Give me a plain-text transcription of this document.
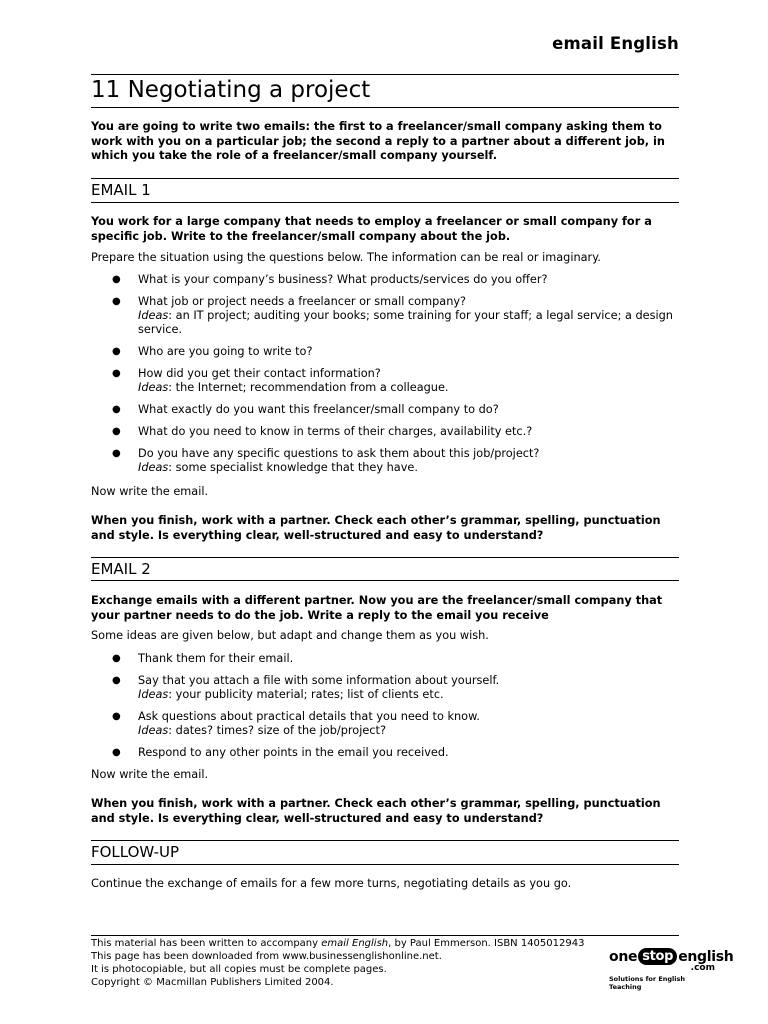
email English
11 Negotiating a project
You are going to write two emails: the first to a freelancer/small company asking them to work with you on a particular job; the second a reply to a partner about a different job, in which you take the role of a freelancer/small company yourself.
EMAIL 1
You work for a large company that needs to employ a freelancer or small company for a specific job. Write to the freelancer/small company about the job.
Prepare the situation using the questions below. The information can be real or imaginary.
● What is your company’s business? What products/services do you offer?
● What job or project needs a freelancer or small company?
Ideas: an IT project; auditing your books; some training for your staff; a legal service; a design service.
● Who are you going to write to?
● How did you get their contact information?
Ideas: the Internet; recommendation from a colleague.
● What exactly do you want this freelancer/small company to do?
● What do you need to know in terms of their charges, availability etc.?
● Do you have any specific questions to ask them about this job/project?
Ideas: some specialist knowledge that they have.
Now write the email.
When you finish, work with a partner. Check each other’s grammar, spelling, punctuation and style. Is everything clear, well-structured and easy to understand?
EMAIL 2
Exchange emails with a different partner. Now you are the freelancer/small company that your partner needs to do the job. Write a reply to the email you receive
Some ideas are given below, but adapt and change them as you wish.
● Thank them for their email.
● Say that you attach a file with some information about yourself.
Ideas: your publicity material; rates; list of clients etc.
● Ask questions about practical details that you need to know.
Ideas: dates? times? size of the job/project?
● Respond to any other points in the email you received.
Now write the email.
When you finish, work with a partner. Check each other’s grammar, spelling, punctuation and style. Is everything clear, well-structured and easy to understand?
FOLLOW-UP
Continue the exchange of emails for a few more turns, negotiating details as you go.
This material has been written to accompany email English, by Paul Emmerson. ISBN 1405012943
This page has been downloaded from www.businessenglishonline.net.
It is photocopiable, but all copies must be complete pages.
Copyright © Macmillan Publishers Limited 2004.
one stop english
.com
Solutions for English Teaching
